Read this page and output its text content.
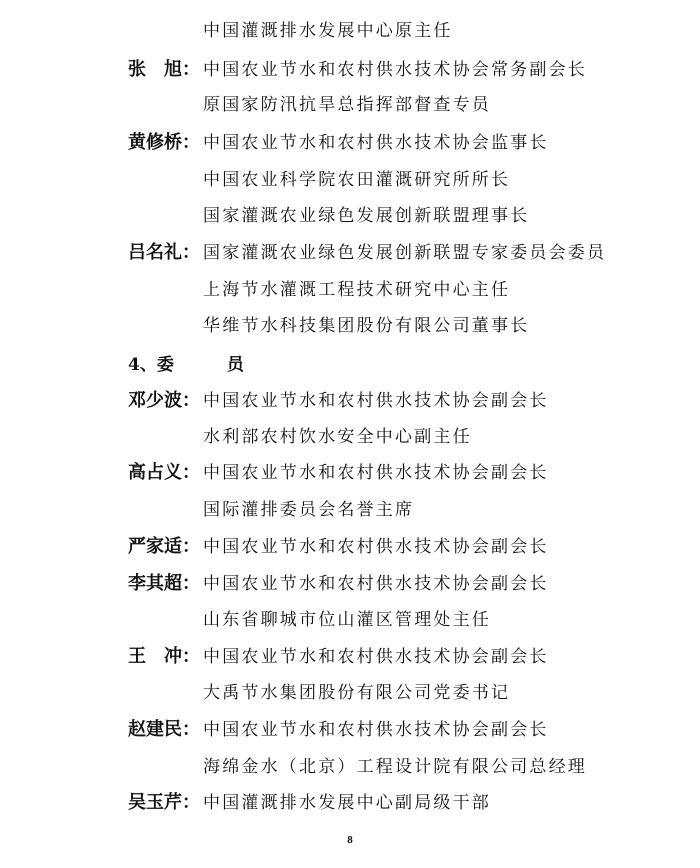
中国灌溉排水发展中心原主任
张　旭： 中国农业节水和农村供水技术协会常务副会长
原国家防汛抗旱总指挥部督查专员
黄修桥： 中国农业节水和农村供水技术协会监事长
中国农业科学院农田灌溉研究所所长
国家灌溉农业绿色发展创新联盟理事长
吕名礼： 国家灌溉农业绿色发展创新联盟专家委员会委员
上海节水灌溉工程技术研究中心主任
华维节水科技集团股份有限公司董事长
4、委　员
邓少波： 中国农业节水和农村供水技术协会副会长
水利部农村饮水安全中心副主任
高占义： 中国农业节水和农村供水技术协会副会长
国际灌排委员会名誉主席
严家适： 中国农业节水和农村供水技术协会副会长
李其超： 中国农业节水和农村供水技术协会副会长
山东省聊城市位山灌区管理处主任
王　冲： 中国农业节水和农村供水技术协会副会长
大禹节水集团股份有限公司党委书记
赵建民： 中国农业节水和农村供水技术协会副会长
海绵金水（北京）工程设计院有限公司总经理
吴玉芹： 中国灌溉排水发展中心副局级干部
8
